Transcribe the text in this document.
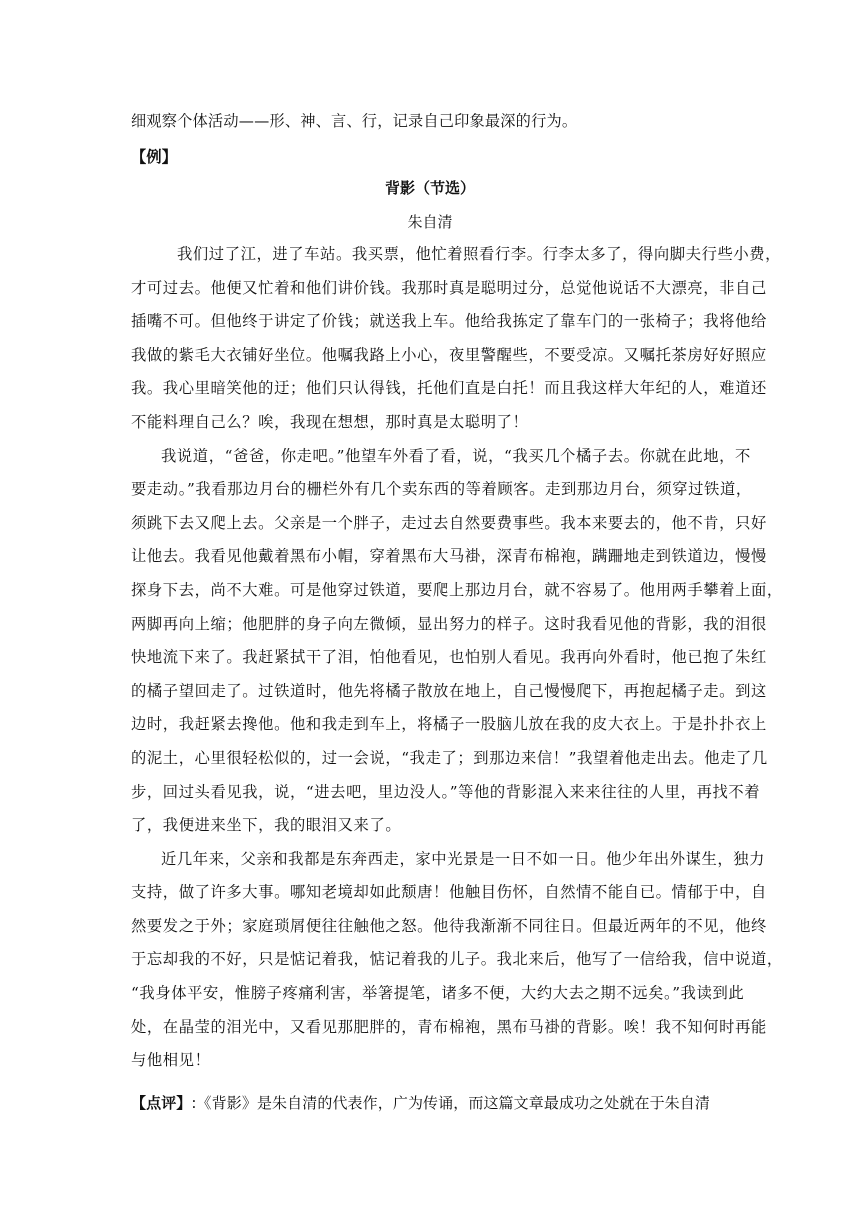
细观察个体活动——形、神、言、行，记录自己印象最深的行为。
【例】
背影（节选）
朱自清
我们过了江，进了车站。我买票，他忙着照看行李。行李太多了，得向脚夫行些小费，
才可过去。他便又忙着和他们讲价钱。我那时真是聪明过分，总觉他说话不大漂亮，非自己
插嘴不可。但他终于讲定了价钱；就送我上车。他给我拣定了靠车门的一张椅子；我将他给
我做的紫毛大衣铺好坐位。他嘱我路上小心，夜里警醒些，不要受凉。又嘱托茶房好好照应
我。我心里暗笑他的迂；他们只认得钱，托他们直是白托！而且我这样大年纪的人，难道还
不能料理自己么？唉，我现在想想，那时真是太聪明了！
我说道，“爸爸，你走吧。”他望车外看了看，说，“我买几个橘子去。你就在此地，不
要走动。”我看那边月台的栅栏外有几个卖东西的等着顾客。走到那边月台，须穿过铁道，
须跳下去又爬上去。父亲是一个胖子，走过去自然要费事些。我本来要去的，他不肯，只好
让他去。我看见他戴着黑布小帽，穿着黑布大马褂，深青布棉袍，蹒跚地走到铁道边，慢慢
探身下去，尚不大难。可是他穿过铁道，要爬上那边月台，就不容易了。他用两手攀着上面，
两脚再向上缩；他肥胖的身子向左微倾，显出努力的样子。这时我看见他的背影，我的泪很
快地流下来了。我赶紧拭干了泪，怕他看见，也怕别人看见。我再向外看时，他已抱了朱红
的橘子望回走了。过铁道时，他先将橘子散放在地上，自己慢慢爬下，再抱起橘子走。到这
边时，我赶紧去搀他。他和我走到车上，将橘子一股脑儿放在我的皮大衣上。于是扑扑衣上
的泥土，心里很轻松似的，过一会说，“我走了；到那边来信！”我望着他走出去。他走了几
步，回过头看见我，说，“进去吧，里边没人。”等他的背影混入来来往往的人里，再找不着
了，我便进来坐下，我的眼泪又来了。
近几年来，父亲和我都是东奔西走，家中光景是一日不如一日。他少年出外谋生，独力
支持，做了许多大事。哪知老境却如此颓唐！他触目伤怀，自然情不能自已。情郁于中，自
然要发之于外；家庭琐屑便往往触他之怒。他待我渐渐不同往日。但最近两年的不见，他终
于忘却我的不好，只是惦记着我，惦记着我的儿子。我北来后，他写了一信给我，信中说道，
“我身体平安，惟膀子疼痛利害，举箸提笔，诸多不便，大约大去之期不远矣。”我读到此
处，在晶莹的泪光中，又看见那肥胖的，青布棉袍，黑布马褂的背影。唉！我不知何时再能
与他相见！
【点评】:《背影》是朱自清的代表作，广为传诵，而这篇文章最成功之处就在于朱自清
